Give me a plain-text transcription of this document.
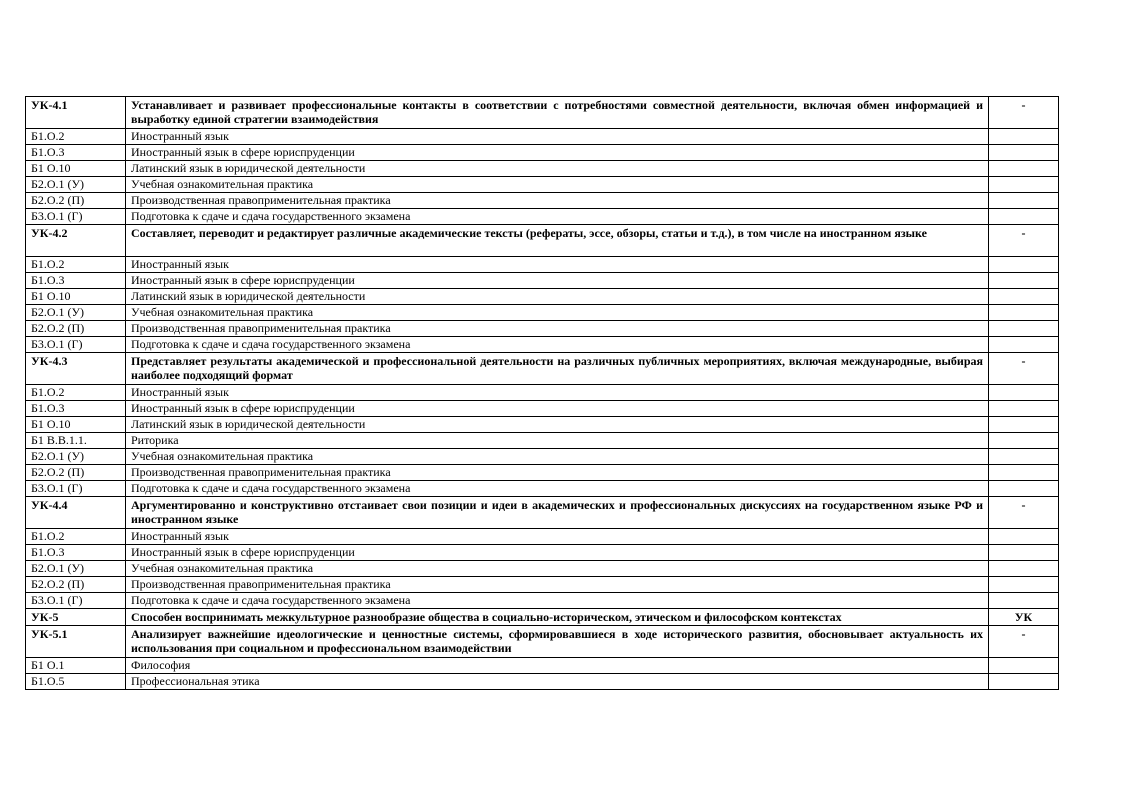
УК-4.1	Устанавливает и развивает профессиональные контакты в соответствии с потребностями совместной деятельности, включая обмен информацией и выработку единой стратегии взаимодействия	-
Б1.О.2	Иностранный язык	
Б1.О.3	Иностранный язык в сфере юриспруденции	
Б1 О.10	Латинский язык в юридической деятельности	
Б2.О.1 (У)	Учебная ознакомительная практика	
Б2.О.2 (П)	Производственная правоприменительная практика	
Б3.О.1 (Г)	Подготовка к сдаче и сдача государственного экзамена	
УК-4.2	Составляет, переводит и редактирует различные академические тексты (рефераты, эссе, обзоры, статьи и т.д.), в том числе на иностранном языке	-
Б1.О.2	Иностранный язык	
Б1.О.3	Иностранный язык в сфере юриспруденции	
Б1 О.10	Латинский язык в юридической деятельности	
Б2.О.1 (У)	Учебная ознакомительная практика	
Б2.О.2 (П)	Производственная правоприменительная практика	
Б3.О.1 (Г)	Подготовка к сдаче и сдача государственного экзамена	
УК-4.3	Представляет результаты академической и профессиональной деятельности на различных публичных мероприятиях, включая международные, выбирая наиболее подходящий формат	-
Б1.О.2	Иностранный язык	
Б1.О.3	Иностранный язык в сфере юриспруденции	
Б1 О.10	Латинский язык в юридической деятельности	
Б1 В.В.1.1.	Риторика	
Б2.О.1 (У)	Учебная ознакомительная практика	
Б2.О.2 (П)	Производственная правоприменительная практика	
Б3.О.1 (Г)	Подготовка к сдаче и сдача государственного экзамена	
УК-4.4	Аргументированно и конструктивно отстаивает свои позиции и идеи в академических и профессиональных дискуссиях на государственном языке РФ и иностранном языке	-
Б1.О.2	Иностранный язык	
Б1.О.3	Иностранный язык в сфере юриспруденции	
Б2.О.1 (У)	Учебная ознакомительная практика	
Б2.О.2 (П)	Производственная правоприменительная практика	
Б3.О.1 (Г)	Подготовка к сдаче и сдача государственного экзамена	
УК-5	Способен воспринимать межкультурное разнообразие общества в социально-историческом, этическом и философском контекстах	УК
УК-5.1	Анализирует важнейшие идеологические и ценностные системы, сформировавшиеся в ходе исторического развития, обосновывает актуальность их использования при социальном и профессиональном взаимодействии	-
Б1 О.1	Философия	
Б1.О.5	Профессиональная этика	
